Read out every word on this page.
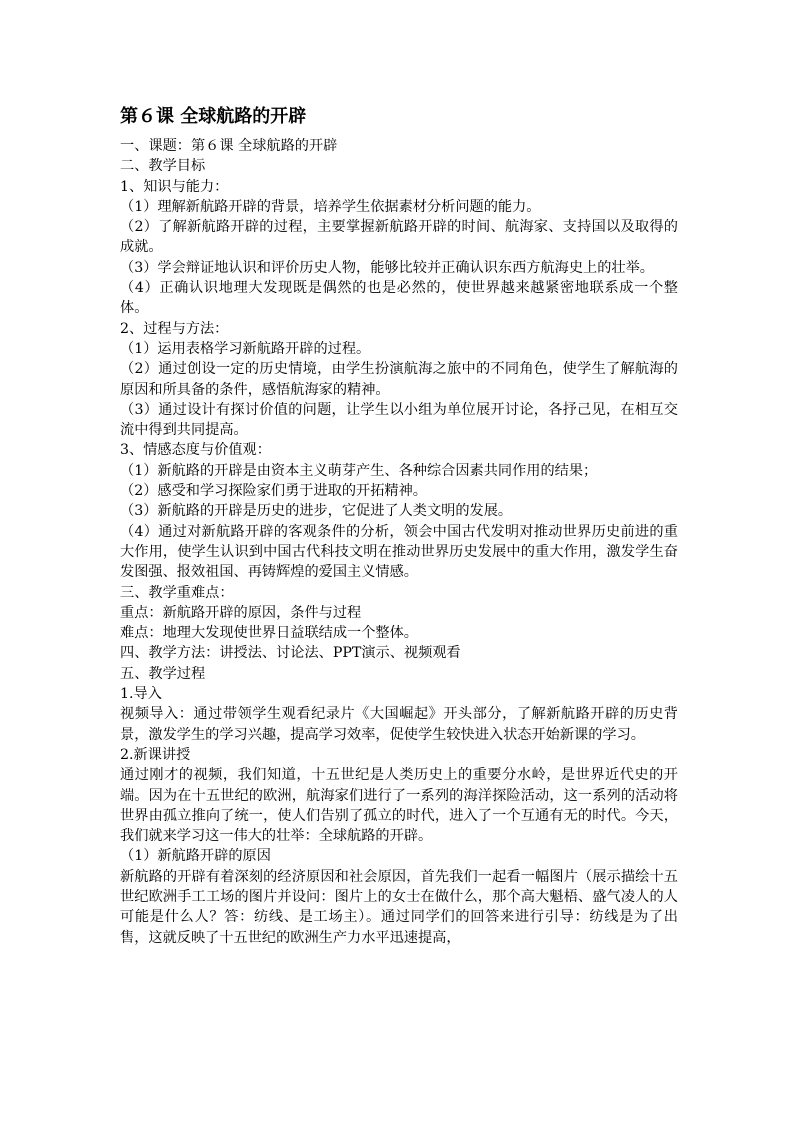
第６课 全球航路的开辟
一、课题：第６课 全球航路的开辟
二、教学目标
1、知识与能力：
（1）理解新航路开辟的背景，培养学生依据素材分析问题的能力。
（2）了解新航路开辟的过程，主要掌握新航路开辟的时间、航海家、支持国以及取得的成就。
（3）学会辩证地认识和评价历史人物，能够比较并正确认识东西方航海史上的壮举。
（4）正确认识地理大发现既是偶然的也是必然的，使世界越来越紧密地联系成一个整体。
2、过程与方法：
（1）运用表格学习新航路开辟的过程。
（2）通过创设一定的历史情境，由学生扮演航海之旅中的不同角色，使学生了解航海的原因和所具备的条件，感悟航海家的精神。
（3）通过设计有探讨价值的问题，让学生以小组为单位展开讨论，各抒己见，在相互交流中得到共同提高。
3、情感态度与价值观：
（1）新航路的开辟是由资本主义萌芽产生、各种综合因素共同作用的结果；
（2）感受和学习探险家们勇于进取的开拓精神。
（3）新航路的开辟是历史的进步，它促进了人类文明的发展。
（4）通过对新航路开辟的客观条件的分析，领会中国古代发明对推动世界历史前进的重大作用，使学生认识到中国古代科技文明在推动世界历史发展中的重大作用，激发学生奋发图强、报效祖国、再铸辉煌的爱国主义情感。
三、教学重难点：
重点：新航路开辟的原因，条件与过程
难点：地理大发现使世界日益联结成一个整体。
四、教学方法：讲授法、讨论法、PPT演示、视频观看
五、教学过程
1.导入
视频导入：通过带领学生观看纪录片《大国崛起》开头部分，了解新航路开辟的历史背景，激发学生的学习兴趣，提高学习效率，促使学生较快进入状态开始新课的学习。
2.新课讲授
通过刚才的视频，我们知道，十五世纪是人类历史上的重要分水岭，是世界近代史的开端。因为在十五世纪的欧洲，航海家们进行了一系列的海洋探险活动，这一系列的活动将世界由孤立推向了统一，使人们告别了孤立的时代，进入了一个互通有无的时代。今天，我们就来学习这一伟大的壮举：全球航路的开辟。
（1）新航路开辟的原因
新航路的开辟有着深刻的经济原因和社会原因，首先我们一起看一幅图片（展示描绘十五世纪欧洲手工工场的图片并设问：图片上的女士在做什么，那个高大魁梧、盛气凌人的人可能是什么人？答：纺线、是工场主）。通过同学们的回答来进行引导：纺线是为了出售，这就反映了十五世纪的欧洲生产力水平迅速提高，
